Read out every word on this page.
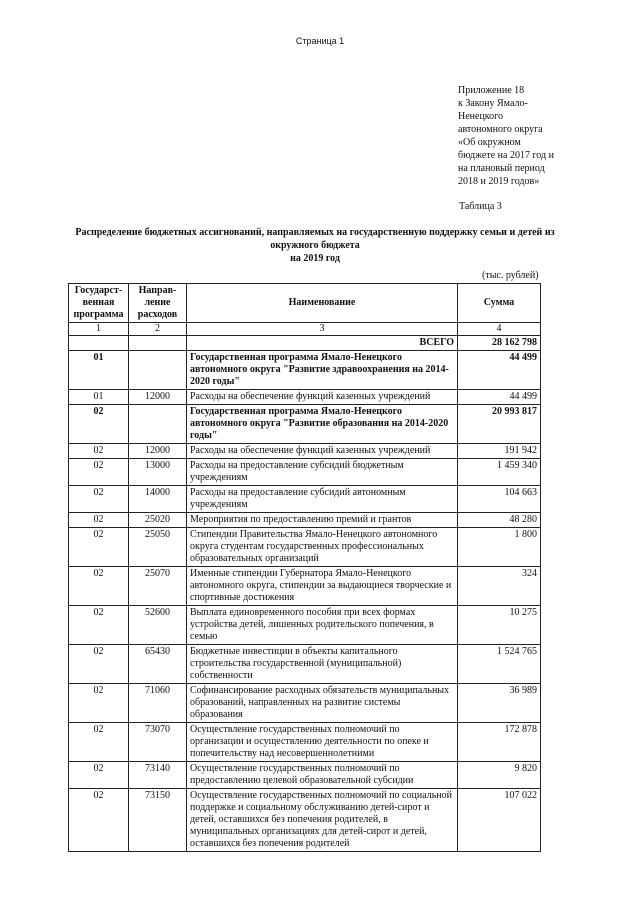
Страница 1
Приложение 18
к Закону Ямало-
Ненецкого
автономного округа
«Об окружном
бюджете на 2017 год и
на плановый период
2018 и 2019 годов»
Таблица 3
Распределение бюджетных ассигнований, направляемых на государственную поддержку семьи и детей из
окружного бюджета
на 2019 год
(тыс. рублей)
Государст-венная программа	Направ-ление расходов	Наименование	Сумма
1	2	3	4
		ВСЕГО	28 162 798
01		Государственная программа Ямало-Ненецкого автономного округа "Развитие здравоохранения на 2014-2020 годы"	44 499
01	12000	Расходы на обеспечение функций казенных учреждений	44 499
02		Государственная программа Ямало-Ненецкого автономного округа "Развитие образования на 2014-2020 годы"	20 993 817
02	12000	Расходы на обеспечение функций казенных учреждений	191 942
02	13000	Расходы на предоставление субсидий бюджетным учреждениям	1 459 340
02	14000	Расходы на предоставление субсидий автономным учреждениям	104 663
02	25020	Мероприятия по предоставлению премий и грантов	48 280
02	25050	Стипендии Правительства Ямало-Ненецкого автономного округа студентам государственных профессиональных образовательных организаций	1 800
02	25070	Именные стипендии Губернатора Ямало-Ненецкого автономного округа, стипендии за выдающиеся творческие и спортивные достижения	324
02	52600	Выплата единовременного пособия при всех формах устройства детей, лишенных родительского попечения, в семью	10 275
02	65430	Бюджетные инвестиции в объекты капитального строительства государственной (муниципальной) собственности	1 524 765
02	71060	Софинансирование расходных обязательств муниципальных образований, направленных на развитие системы образования	36 989
02	73070	Осуществление государственных полномочий по организации и осуществлению деятельности по опеке и попечительству над несовершеннолетними	172 878
02	73140	Осуществление государственных полномочий по предоставлению целевой образовательной субсидии	9 820
02	73150	Осуществление государственных полномочий по социальной поддержке и социальному обслуживанию детей-сирот и детей, оставшихся без попечения родителей, в муниципальных организациях для детей-сирот и детей, оставшихся без попечения родителей	107 022
